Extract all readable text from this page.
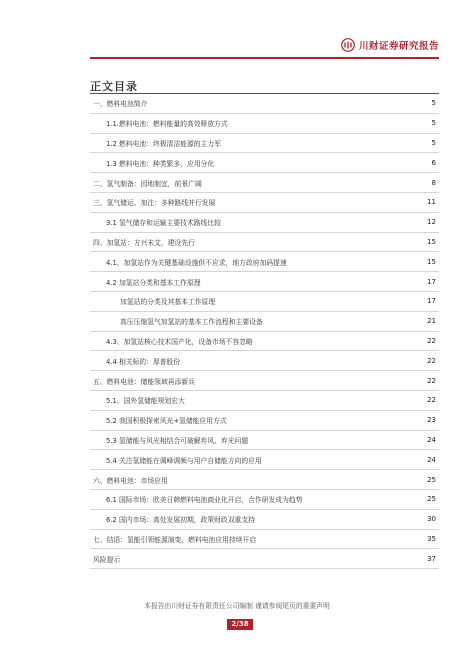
川财证券研究报告
正文目录
一、燃料电池简介	5
1.1.燃料电池：燃料能量的高效释放方式	5
1.2 燃料电池：终极清洁能源的主力军	5
1.3 燃料电池：种类繁多，应用分化	6
二、氢气制备：因地制宜，前景广阔	8
三、氢气储运、加注：多种路线并行发展	11
3.1 氢气储存和运输主要技术路线比较	12
四、加氢站：方兴未艾，建设先行	15
4.1、加氢站作为关键基础设施供不应求，地方政府加码提速	15
4.2 加氢站分类和基本工作原理	17
加氢站的分类及其基本工作原理	17
高压压缩氢气加氢站的基本工作流程和主要设备	21
4.3、加氢站核心技术国产化，设备市场不容忽略	22
4.4 相关标的：厚普股份	22
五、燃料电池：储能领域再添新兵	22
5.1、国外氢储能规划宏大	22
5.2 我国积极探索风光+氢储能应用方式	23
5.3 氢储能与风光相结合可破解弃风、弃光问题	24
5.4 关注氢储能在调峰调频与用户自储能方向的应用	24
六、燃料电池：市场应用	25
6.1 国际市场：欧美日韩燃料电池商业化开启，合作研发成为趋势	25
6.2 国内市场：高处发展初期，政策财政双重支持	30
七、结语：氢能引领能源演变，燃料电池应用持续开启	35
风险提示	37
本报告由川财证券有限责任公司编制 谨请参阅尾页的重要声明
2/38
